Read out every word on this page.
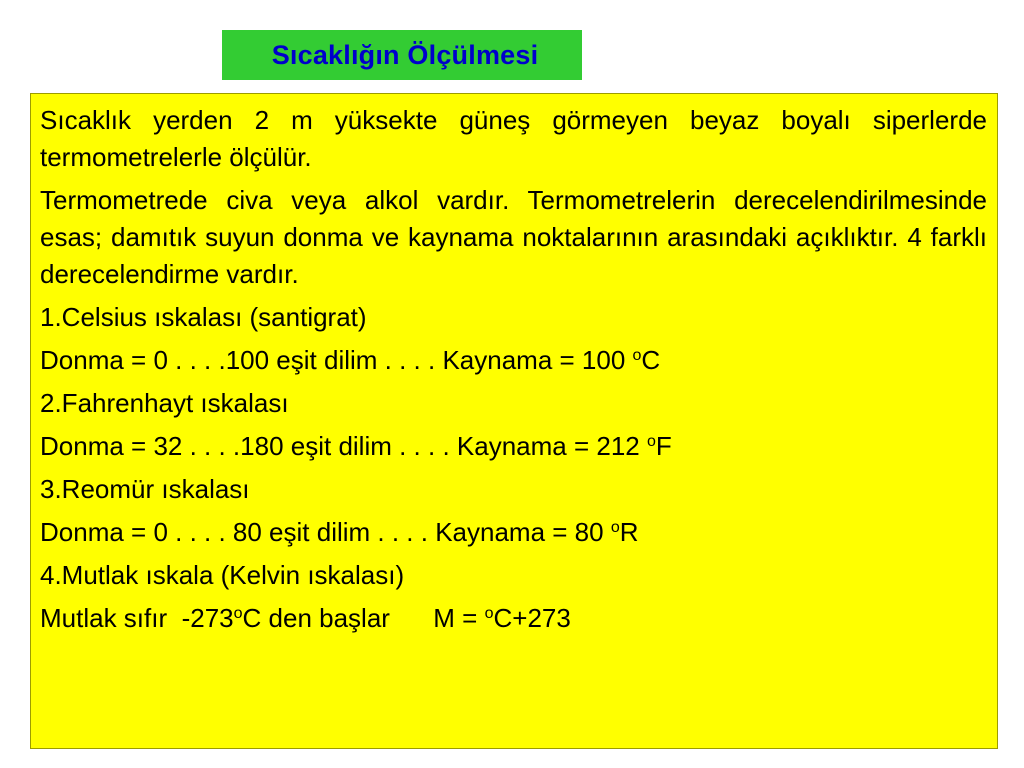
Sıcaklığın Ölçülmesi

Sıcaklık yerden 2 m yüksekte güneş görmeyen beyaz boyalı siperlerde termometrelerle ölçülür.

Termometrede civa veya alkol vardır. Termometrelerin derecelendirilmesinde esas; damıtık suyun donma ve kaynama noktalarının arasındaki açıklıktır. 4 farklı derecelendirme vardır.

1.Celsius ıskalası (santigrat)
Donma = 0 . . . .100 eşit dilim . . . . Kaynama = 100 $^o$C
2.Fahrenhayt ıskalası
Donma = 32 . . . .180 eşit dilim . . . . Kaynama = 212 $^o$F
3.Reomür ıskalası
Donma = 0 . . . . 80 eşit dilim . . . . Kaynama = 80 $^o$R
4.Mutlak ıskala (Kelvin ıskalası)
Mutlak sıfır  -273$^o$C den başlar      M = $^o$C+273
